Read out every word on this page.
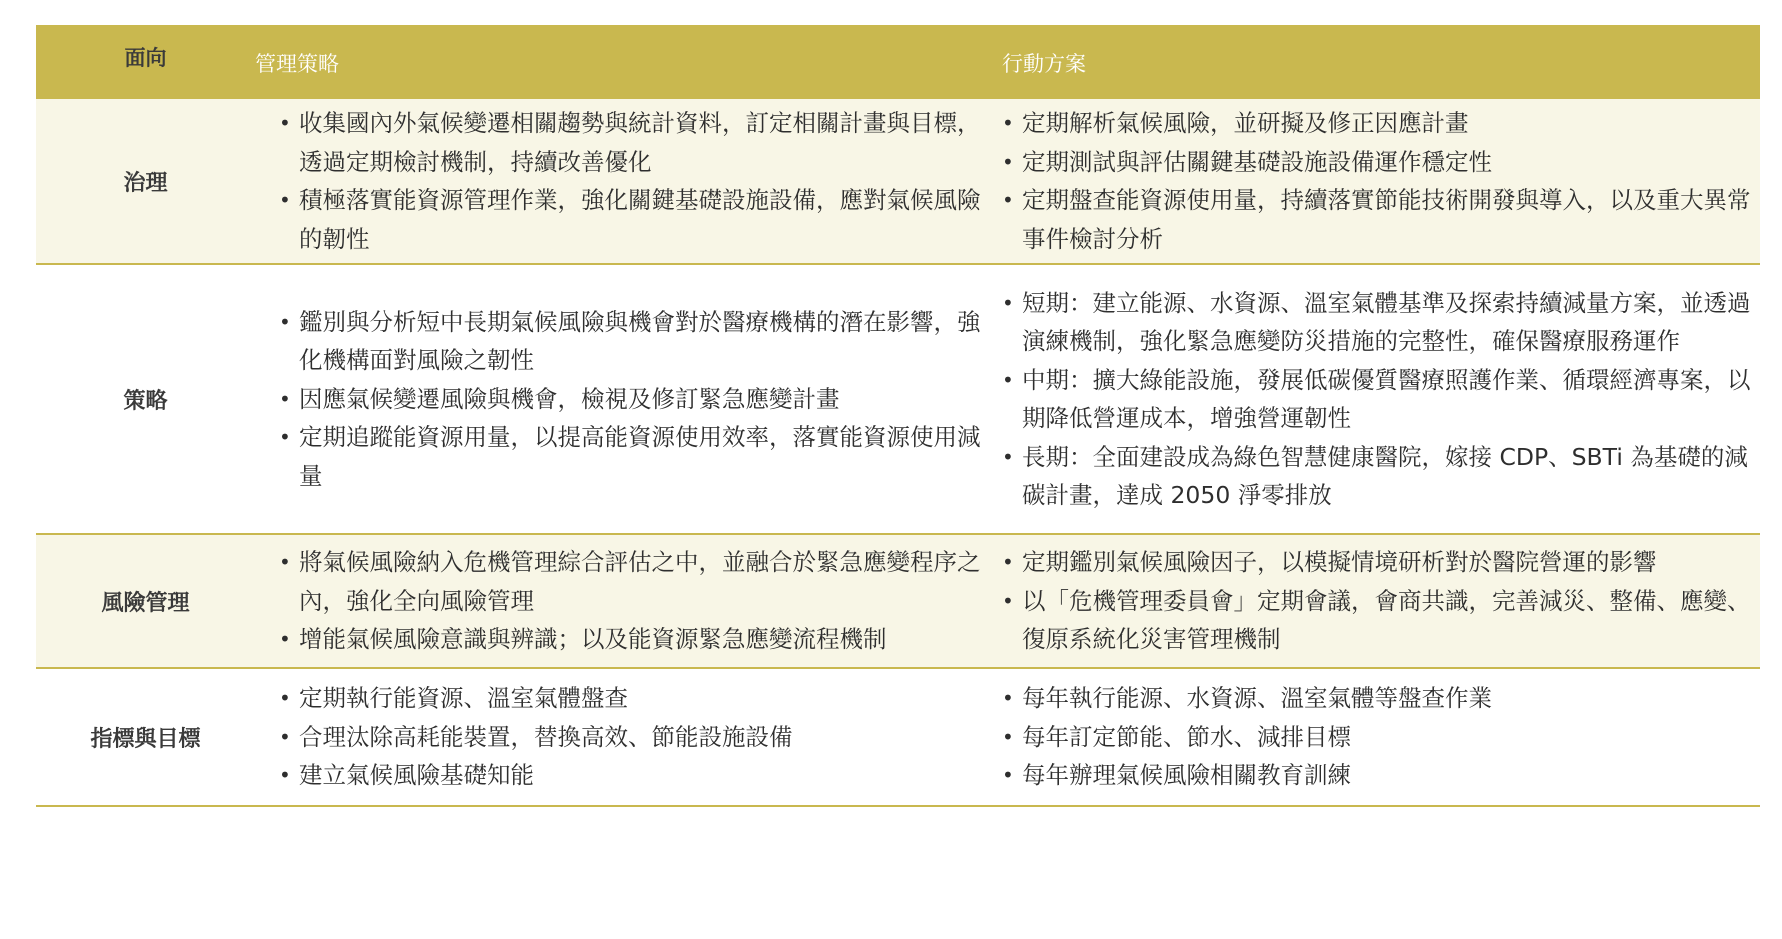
面向	管理策略	行動方案
治理
• 收集國內外氣候變遷相關趨勢與統計資料，訂定相關計畫與目標，透過定期檢討機制，持續改善優化
• 積極落實能資源管理作業，強化關鍵基礎設施設備，應對氣候風險的韌性
• 定期解析氣候風險，並研擬及修正因應計畫
• 定期測試與評估關鍵基礎設施設備運作穩定性
• 定期盤查能資源使用量，持續落實節能技術開發與導入，以及重大異常事件檢討分析
策略
• 鑑別與分析短中長期氣候風險與機會對於醫療機構的潛在影響，強化機構面對風險之韌性
• 因應氣候變遷風險與機會，檢視及修訂緊急應變計畫
• 定期追蹤能資源用量，以提高能資源使用效率，落實能資源使用減量
• 短期：建立能源、水資源、溫室氣體基準及探索持續減量方案，並透過演練機制，強化緊急應變防災措施的完整性，確保醫療服務運作
• 中期：擴大綠能設施，發展低碳優質醫療照護作業、循環經濟專案，以期降低營運成本，增強營運韌性
• 長期：全面建設成為綠色智慧健康醫院，嫁接 CDP、SBTi 為基礎的減碳計畫，達成 2050 淨零排放
風險管理
• 將氣候風險納入危機管理綜合評估之中，並融合於緊急應變程序之內，強化全向風險管理
• 增能氣候風險意識與辨識；以及能資源緊急應變流程機制
• 定期鑑別氣候風險因子，以模擬情境研析對於醫院營運的影響
• 以「危機管理委員會」定期會議，會商共識，完善減災、整備、應變、復原系統化災害管理機制
指標與目標
• 定期執行能資源、溫室氣體盤查
• 合理汰除高耗能裝置，替換高效、節能設施設備
• 建立氣候風險基礎知能
• 每年執行能源、水資源、溫室氣體等盤查作業
• 每年訂定節能、節水、減排目標
• 每年辦理氣候風險相關教育訓練
